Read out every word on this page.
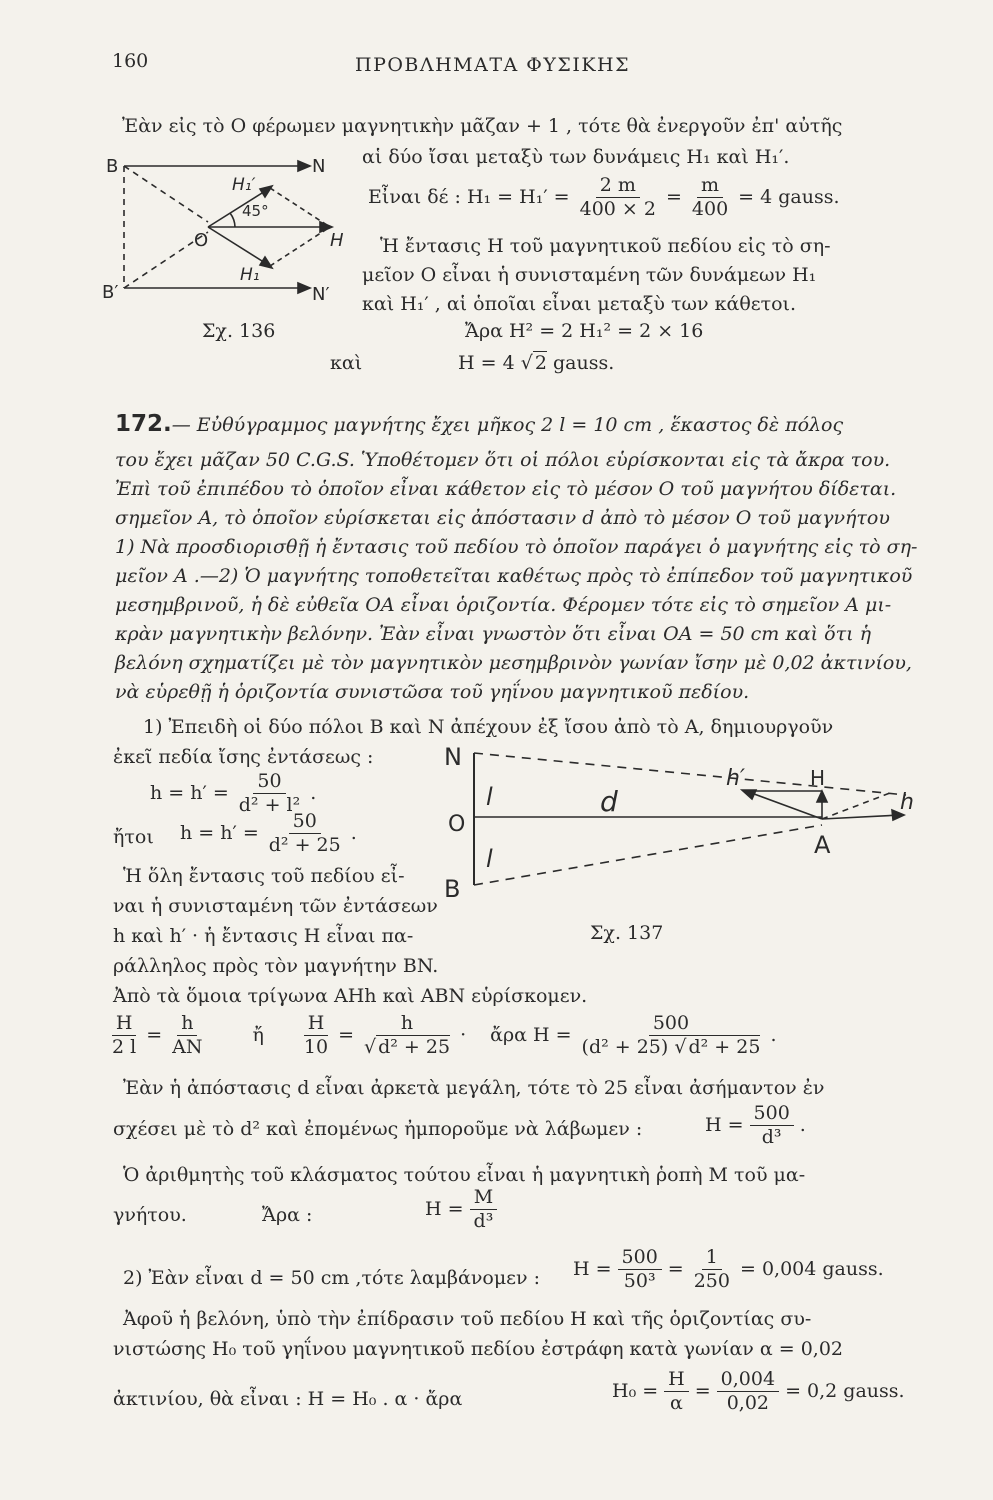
160	ΠΡΟΒΛΗΜΑΤΑ ΦΥΣΙΚΗΣ
Ἐὰν εἰς τὸ O φέρωμεν μαγνητικὴν μᾶζαν + 1 , τότε θὰ ἐνεργοῦν ἐπ' αὐτῆς
αἱ δύο ἴσαι μεταξὺ των δυνάμεις H₁ καὶ H₁′.
Εἶναι δέ : $H_1 = H_1' = \frac{2 m}{400 \times 2} = \frac{m}{400} = 4$ gauss.
Ἡ ἔντασις H τοῦ μαγνητικοῦ πεδίου εἰς τὸ ση-
μεῖον O εἶναι ἡ συνισταμένη τῶν δυνάμεων H₁
καὶ H₁′ , αἱ ὁποῖαι εἶναι μεταξὺ των κάθετοι.
Σχ. 136	Ἄρα H² = 2 H₁² = 2 × 16
καὶ	H = 4 √ 2 gauss.
B	N
B′	N′
O	H
H₁′
H₁
45°
172.— Εὐθύγραμμος μαγνήτης ἔχει μῆκος 2 l = 10 cm , ἕκαστος δὲ πόλος
του ἔχει μᾶζαν 50 C.G.S. Ὑποθέτομεν ὅτι οἱ πόλοι εὑρίσκονται εἰς τὰ ἄκρα του.
Ἐπὶ τοῦ ἐπιπέδου τὸ ὁποῖον εἶναι κάθετον εἰς τὸ μέσον O τοῦ μαγνήτου δίδεται.
σημεῖον A, τὸ ὁποῖον εὑρίσκεται εἰς ἀπόστασιν d ἀπὸ τὸ μέσον O τοῦ μαγνήτου
1) Νὰ προσδιορισθῇ ἡ ἔντασις τοῦ πεδίου τὸ ὁποῖον παράγει ὁ μαγνήτης εἰς τὸ ση-
μεῖον A .—2) Ὁ μαγνήτης τοποθετεῖται καθέτως πρὸς τὸ ἐπίπεδον τοῦ μαγνητικοῦ
μεσημβρινοῦ, ἡ δὲ εὐθεῖα OA εἶναι ὁριζοντία. Φέρομεν τότε εἰς τὸ σημεῖον A μι-
κρὰν μαγνητικὴν βελόνην. Ἐὰν εἶναι γνωστὸν ὅτι εἶναι OA = 50 cm καὶ ὅτι ἡ
βελόνη σχηματίζει μὲ τὸν μαγνητικὸν μεσημβρινὸν γωνίαν ἴσην μὲ 0,02 ἀκτινίου,
νὰ εὑρεθῇ ἡ ὁριζοντία συνιστῶσα τοῦ γηΐνου μαγνητικοῦ πεδίου.
1) Ἐπειδὴ οἱ δύο πόλοι B καὶ N ἀπέχουν ἐξ ἴσου ἀπὸ τὸ A, δημιουργοῦν
ἐκεῖ πεδία ἴσης ἐντάσεως :
$h = h' = \frac{50}{\text{d² + l²}}$ .
ἤτοι $h = h' = \frac{50}{\text{d² + 25}}$ .
Ἡ ὅλη ἔντασις τοῦ πεδίου εἶ-
ναι ἡ συνισταμένη τῶν ἐντάσεων
h καὶ h′ · ἡ ἔντασις H εἶναι πα-
ράλληλος πρὸς τὸν μαγνήτην BN.
Σχ. 137
N
O
B
l
l
d
A
H
h′
h
Ἀπὸ τὰ ὅμοια τρίγωνα AHh καὶ ABN εὑρίσκομεν.
$\frac{H}{2 l} = \frac{h}{AN}$ ἤ $\frac{H}{10} = \frac{h}{\text{√ d² + 25}}$ · ἄρα $H = \frac{500}{\text{(d² + 25) √ d² + 25}}$ .
Ἐὰν ἡ ἀπόστασις d εἶναι ἀρκετὰ μεγάλη, τότε τὸ 25 εἶναι ἀσήμαντον ἐν
σχέσει μὲ τὸ d² καὶ ἐπομένως ἠμποροῦμε νὰ λάβωμεν :	$H = \frac{500}{\text{d³}}$ .
Ὁ ἀριθμητὴς τοῦ κλάσματος τούτου εἶναι ἡ μαγνητικὴ ῥοπὴ M τοῦ μα-
γνήτου.	Ἄρα :	$H = \frac{M}{\text{d³}}$
2) Ἐὰν εἶναι d = 50 cm ,τότε λαμβάνομεν : $H = \frac{500}{\text{50³}} = \frac{1}{250} = 0,004$ gauss.
Ἀφοῦ ἡ βελόνη, ὑπὸ τὴν ἐπίδρασιν τοῦ πεδίου H καὶ τῆς ὁριζοντίας συ-
νιστώσης H₀ τοῦ γηΐνου μαγνητικοῦ πεδίου ἐστράφη κατὰ γωνίαν α = 0,02
ἀκτινίου, θὰ εἶναι : H = H₀ . α · ἄρα	$H_0 = \frac{H}{\alpha} = \frac{0,004}{0,02} = 0,2$ gauss.
